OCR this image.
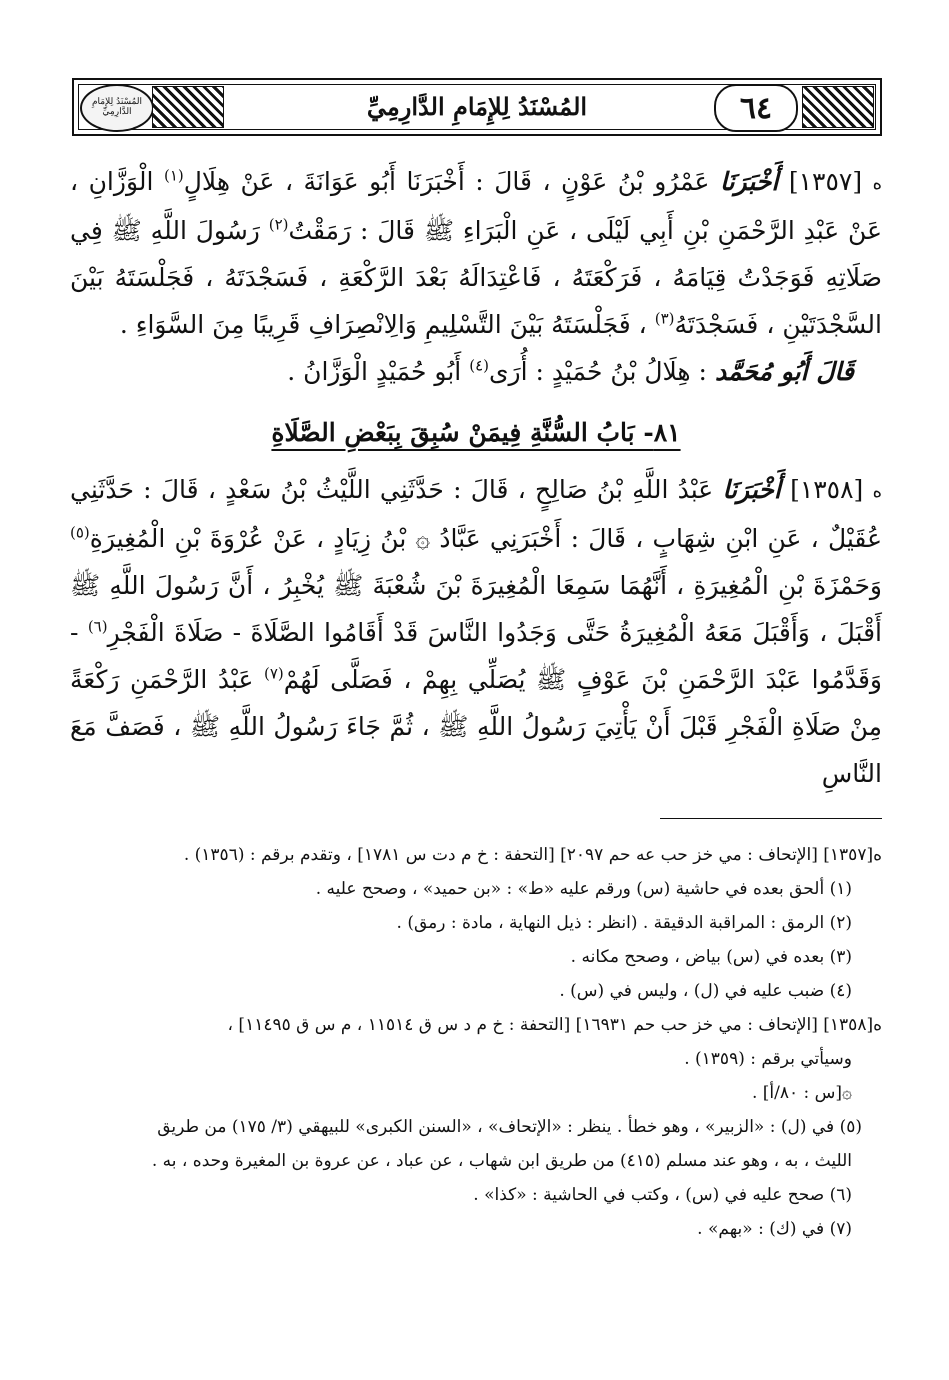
المُسْنَدُ لِلإِمَامِ الدَّارِمِيِّ	المُسْنَدُ لِلإِمَامِ الدَّارِمِيِّ	٦٤

ە [١٣٥٧] أَخْبَرَنَا عَمْرُو بْنُ عَوْنٍ ، قَالَ : أَخْبَرَنَا أَبُو عَوَانَةَ ، عَنْ هِلَالٍ$^{(١)}$ الْوَزَّانِ ، عَنْ عَبْدِ الرَّحْمَنِ بْنِ أَبِي لَيْلَى ، عَنِ الْبَرَاءِ ﷺ قَالَ : رَمَقْتُ$^{(٢)}$ رَسُولَ اللَّهِ ﷺ فِي صَلَاتِهِ فَوَجَدْتُ قِيَامَهُ ، فَرَكْعَتَهُ ، فَاعْتِدَالَهُ بَعْدَ الرَّكْعَةِ ، فَسَجْدَتَهُ ، فَجَلْسَتَهُ بَيْنَ السَّجْدَتَيْنِ ، فَسَجْدَتَهُ$^{(٣)}$ ، فَجَلْسَتَهُ بَيْنَ التَّسْلِيمِ وَالِانْصِرَافِ قَرِيبًا مِنَ السَّوَاءِ .

قَالَ أَبُو مُحَمَّد : هِلَالُ بْنُ حُمَيْدٍ : أُرَى$^{(٤)}$ أَبُو حُمَيْدٍ الْوَزَّانُ .

٨١- بَابُ السُّنَّةِ فِيمَنْ سُبِقَ بِبَعْضِ الصَّلَاةِ

ە [١٣٥٨] أَخْبَرَنَا عَبْدُ اللَّهِ بْنُ صَالِحٍ ، قَالَ : حَدَّثَنِي اللَّيْثُ بْنُ سَعْدٍ ، قَالَ : حَدَّثَنِي عُقَيْلٌ ، عَنِ ابْنِ شِهَابٍ ، قَالَ : أَخْبَرَنِي عَبَّادُ ۞ بْنُ زِيَادٍ ، عَنْ عُرْوَةَ بْنِ الْمُغِيرَةِ$^{(٥)}$ وَحَمْزَةَ بْنِ الْمُغِيرَةِ ، أَنَّهُمَا سَمِعَا الْمُغِيرَةَ بْنَ شُعْبَةَ ﷺ يُخْبِرُ ، أَنَّ رَسُولَ اللَّهِ ﷺ أَقْبَلَ ، وَأَقْبَلَ مَعَهُ الْمُغِيرَةُ حَتَّى وَجَدُوا النَّاسَ قَدْ أَقَامُوا الصَّلَاةَ - صَلَاةَ الْفَجْرِ$^{(٦)}$ - وَقَدَّمُوا عَبْدَ الرَّحْمَنِ بْنَ عَوْفٍ ﷺ يُصَلِّي بِهِمْ ، فَصَلَّى لَهُمْ$^{(٧)}$ عَبْدُ الرَّحْمَنِ رَكْعَةً مِنْ صَلَاةِ الْفَجْرِ قَبْلَ أَنْ يَأْتِيَ رَسُولُ اللَّهِ ﷺ ، ثُمَّ جَاءَ رَسُولُ اللَّهِ ﷺ ، فَصَفَّ مَعَ النَّاسِ

ە[١٣٥٧] [الإتحاف : مي خز حب عه حم ٢٠٩٧] [التحفة : خ م دت س ١٧٨١] ، وتقدم برقم : (١٣٥٦) .

(١) ألحق بعده في حاشية (س) ورقم عليه «ط» : «بن حميد» ، وصحح عليه .

(٢) الرمق : المراقبة الدقيقة . (انظر : ذيل النهاية ، مادة : رمق) .

(٣) بعده في (س) بياض ، وصحح مكانه .

(٤) ضبب عليه في (ل) ، وليس في (س) .

ە[١٣٥٨] [الإتحاف : مي خز حب حم ١٦٩٣١] [التحفة : خ م د س ق ١١٥١٤ ، م س ق ١١٤٩٥] ،

وسيأتي برقم : (١٣٥٩) .

۞[س : ٨٠/أ] .

(٥) في (ل) : «الزبير» ، وهو خطأ . ينظر : «الإتحاف» ، «السنن الكبرى» للبيهقي (٣/ ١٧٥) من طريق

الليث ، به ، وهو عند مسلم (٤١٥) من طريق ابن شهاب ، عن عباد ، عن عروة بن المغيرة وحده ، به .

(٦) صحح عليه في (س) ، وكتب في الحاشية : «كذا» .

(٧) في (ك) : «بهم» .
